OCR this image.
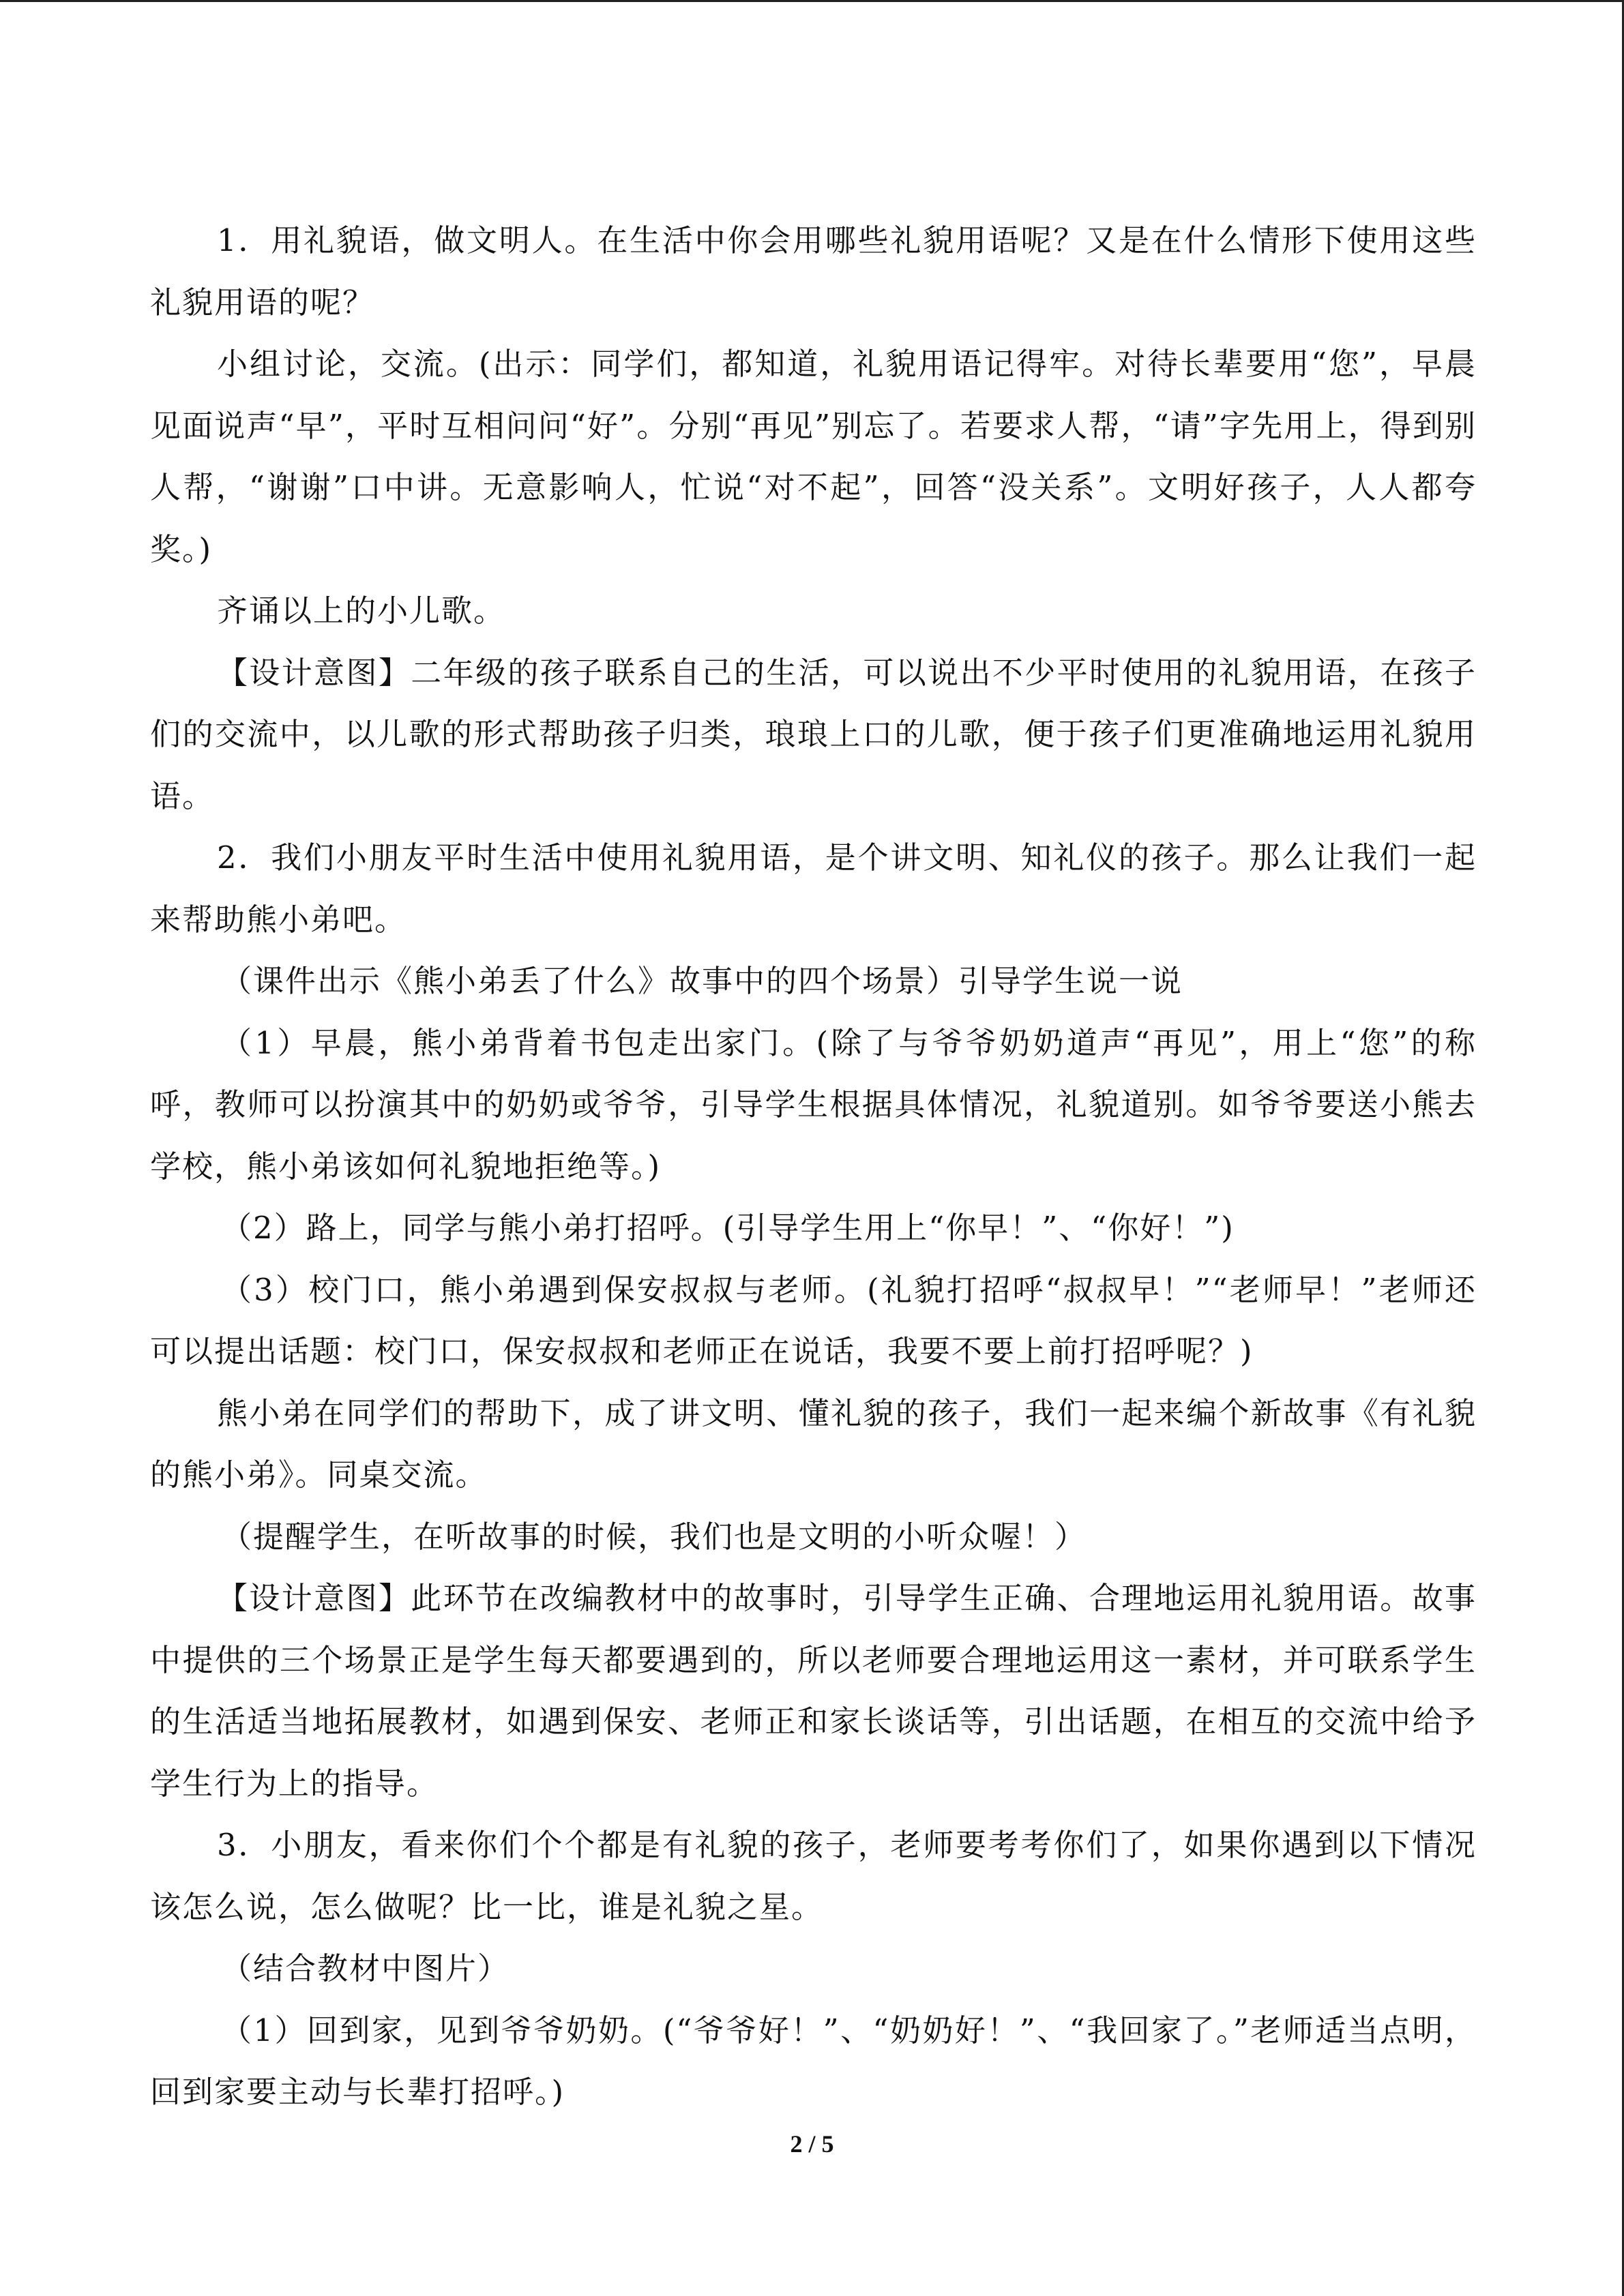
1．用礼貌语，做文明人。在生活中你会用哪些礼貌用语呢？又是在什么情形下使用这些礼貌用语的呢？

小组讨论，交流。(出示：同学们，都知道，礼貌用语记得牢。对待长辈要用“您”，早晨见面说声“早”，平时互相问问“好”。分别“再见”别忘了。若要求人帮，“请”字先用上，得到别人帮，“谢谢”口中讲。无意影响人，忙说“对不起”，回答“没关系”。文明好孩子，人人都夸奖。)

齐诵以上的小儿歌。

【设计意图】二年级的孩子联系自己的生活，可以说出不少平时使用的礼貌用语，在孩子们的交流中，以儿歌的形式帮助孩子归类，琅琅上口的儿歌，便于孩子们更准确地运用礼貌用语。

2．我们小朋友平时生活中使用礼貌用语，是个讲文明、知礼仪的孩子。那么让我们一起来帮助熊小弟吧。

（课件出示《熊小弟丢了什么》故事中的四个场景）引导学生说一说

（1）早晨，熊小弟背着书包走出家门。(除了与爷爷奶奶道声“再见”，用上“您”的称呼，教师可以扮演其中的奶奶或爷爷，引导学生根据具体情况，礼貌道别。如爷爷要送小熊去学校，熊小弟该如何礼貌地拒绝等。)

（2）路上，同学与熊小弟打招呼。(引导学生用上“你早！”、“你好！”)

（3）校门口，熊小弟遇到保安叔叔与老师。(礼貌打招呼“叔叔早！”“老师早！”老师还可以提出话题：校门口，保安叔叔和老师正在说话，我要不要上前打招呼呢？)

熊小弟在同学们的帮助下，成了讲文明、懂礼貌的孩子，我们一起来编个新故事《有礼貌的熊小弟》。同桌交流。

（提醒学生，在听故事的时候，我们也是文明的小听众喔！）

【设计意图】此环节在改编教材中的故事时，引导学生正确、合理地运用礼貌用语。故事中提供的三个场景正是学生每天都要遇到的，所以老师要合理地运用这一素材，并可联系学生的生活适当地拓展教材，如遇到保安、老师正和家长谈话等，引出话题，在相互的交流中给予学生行为上的指导。

3．小朋友，看来你们个个都是有礼貌的孩子，老师要考考你们了，如果你遇到以下情况该怎么说，怎么做呢？比一比，谁是礼貌之星。

（结合教材中图片）

（1）回到家，见到爷爷奶奶。(“爷爷好！”、“奶奶好！”、“我回家了。”老师适当点明，回到家要主动与长辈打招呼。)

2 / 5
